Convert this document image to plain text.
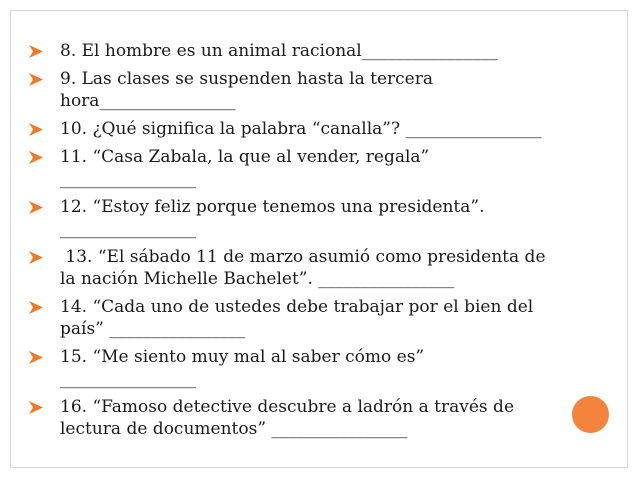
8. El hombre es un animal racional________________
9. Las clases se suspenden hasta la tercera hora________________
10. ¿Qué significa la palabra “canalla”? ________________
11. “Casa Zabala, la que al vender, regala” ________________
12. “Estoy feliz porque tenemos una presidenta”. ________________
13. “El sábado 11 de marzo asumió como presidenta de la nación Michelle Bachelet”. ________________
14. “Cada uno de ustedes debe trabajar por el bien del país” ________________
15. “Me siento muy mal al saber cómo es” ________________
16. “Famoso detective descubre a ladrón a través de lectura de documentos” ________________
